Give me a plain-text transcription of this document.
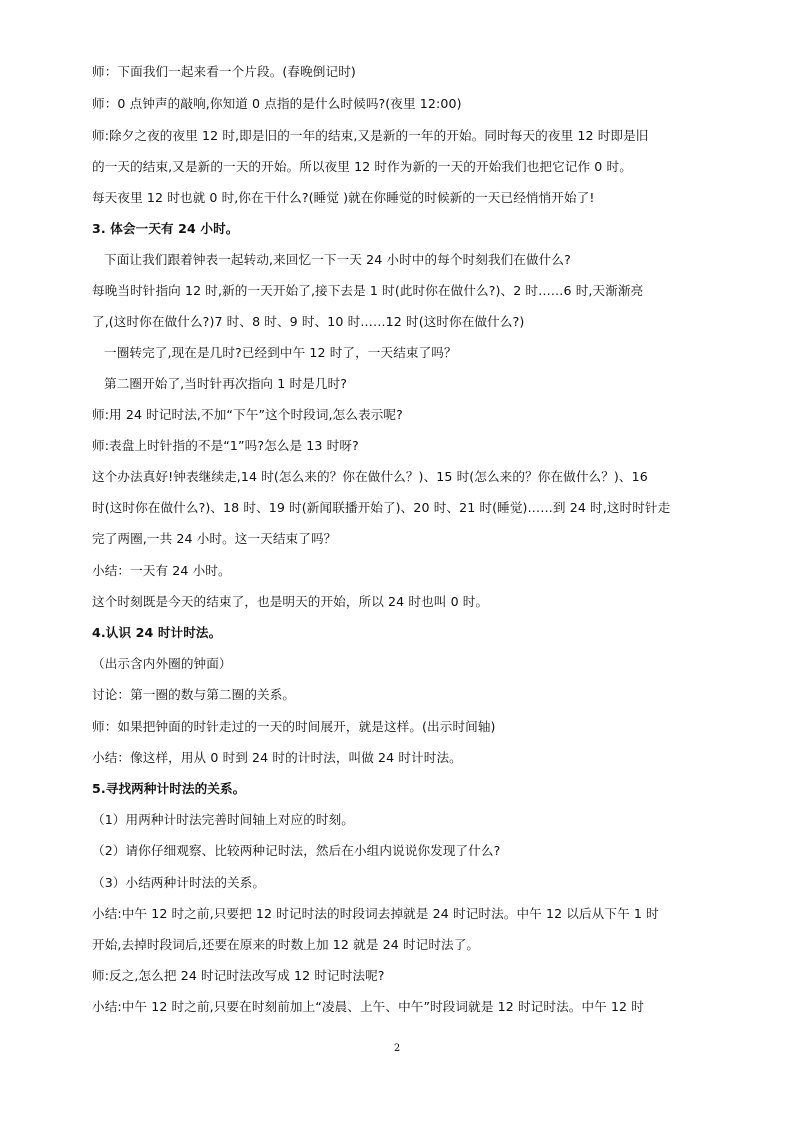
师：下面我们一起来看一个片段。(春晚倒记时)
师：0 点钟声的敲响,你知道 0 点指的是什么时候吗?(夜里 12:00)
师:除夕之夜的夜里 12 时,即是旧的一年的结束,又是新的一年的开始。同时每天的夜里 12 时即是旧
的一天的结束,又是新的一天的开始。所以夜里 12 时作为新的一天的开始我们也把它记作 0 时。
每天夜里 12 时也就 0 时,你在干什么?(睡觉 )就在你睡觉的时候新的一天已经悄悄开始了!
3. 体会一天有 24 小时。
下面让我们跟着钟表一起转动,来回忆一下一天 24 小时中的每个时刻我们在做什么?
每晚当时针指向 12 时,新的一天开始了,接下去是 1 时(此时你在做什么?)、2 时……6 时,天渐渐亮
了,(这时你在做什么?)7 时、8 时、9 时、10 时……12 时(这时你在做什么?)
一圈转完了,现在是几时?已经到中午 12 时了，一天结束了吗？
第二圈开始了,当时针再次指向 1 时是几时?
师:用 24 时记时法,不加“下午”这个时段词,怎么表示呢?
师:表盘上时针指的不是“1”吗?怎么是 13 时呀?
这个办法真好!钟表继续走,14 时(怎么来的？你在做什么？)、15 时(怎么来的？你在做什么？)、16
时(这时你在做什么?)、18 时、19 时(新闻联播开始了)、20 时、21 时(睡觉)……到 24 时,这时时针走
完了两圈,一共 24 小时。这一天结束了吗？
小结：一天有 24 小时。
这个时刻既是今天的结束了，也是明天的开始，所以 24 时也叫 0 时。
4.认识 24 时计时法。
（出示含内外圈的钟面）
讨论：第一圈的数与第二圈的关系。
师：如果把钟面的时针走过的一天的时间展开，就是这样。(出示时间轴)
小结：像这样，用从 0 时到 24 时的计时法，叫做 24 时计时法。
5.寻找两种计时法的关系。
（1）用两种计时法完善时间轴上对应的时刻。
（2）请你仔细观察、比较两种记时法，然后在小组内说说你发现了什么?
（3）小结两种计时法的关系。
小结:中午 12 时之前,只要把 12 时记时法的时段词去掉就是 24 时记时法。中午 12 以后从下午 1 时
开始,去掉时段词后,还要在原来的时数上加 12 就是 24 时记时法了。
师:反之,怎么把 24 时记时法改写成 12 时记时法呢?
小结:中午 12 时之前,只要在时刻前加上“凌晨、上午、中午”时段词就是 12 时记时法。中午 12 时
2
